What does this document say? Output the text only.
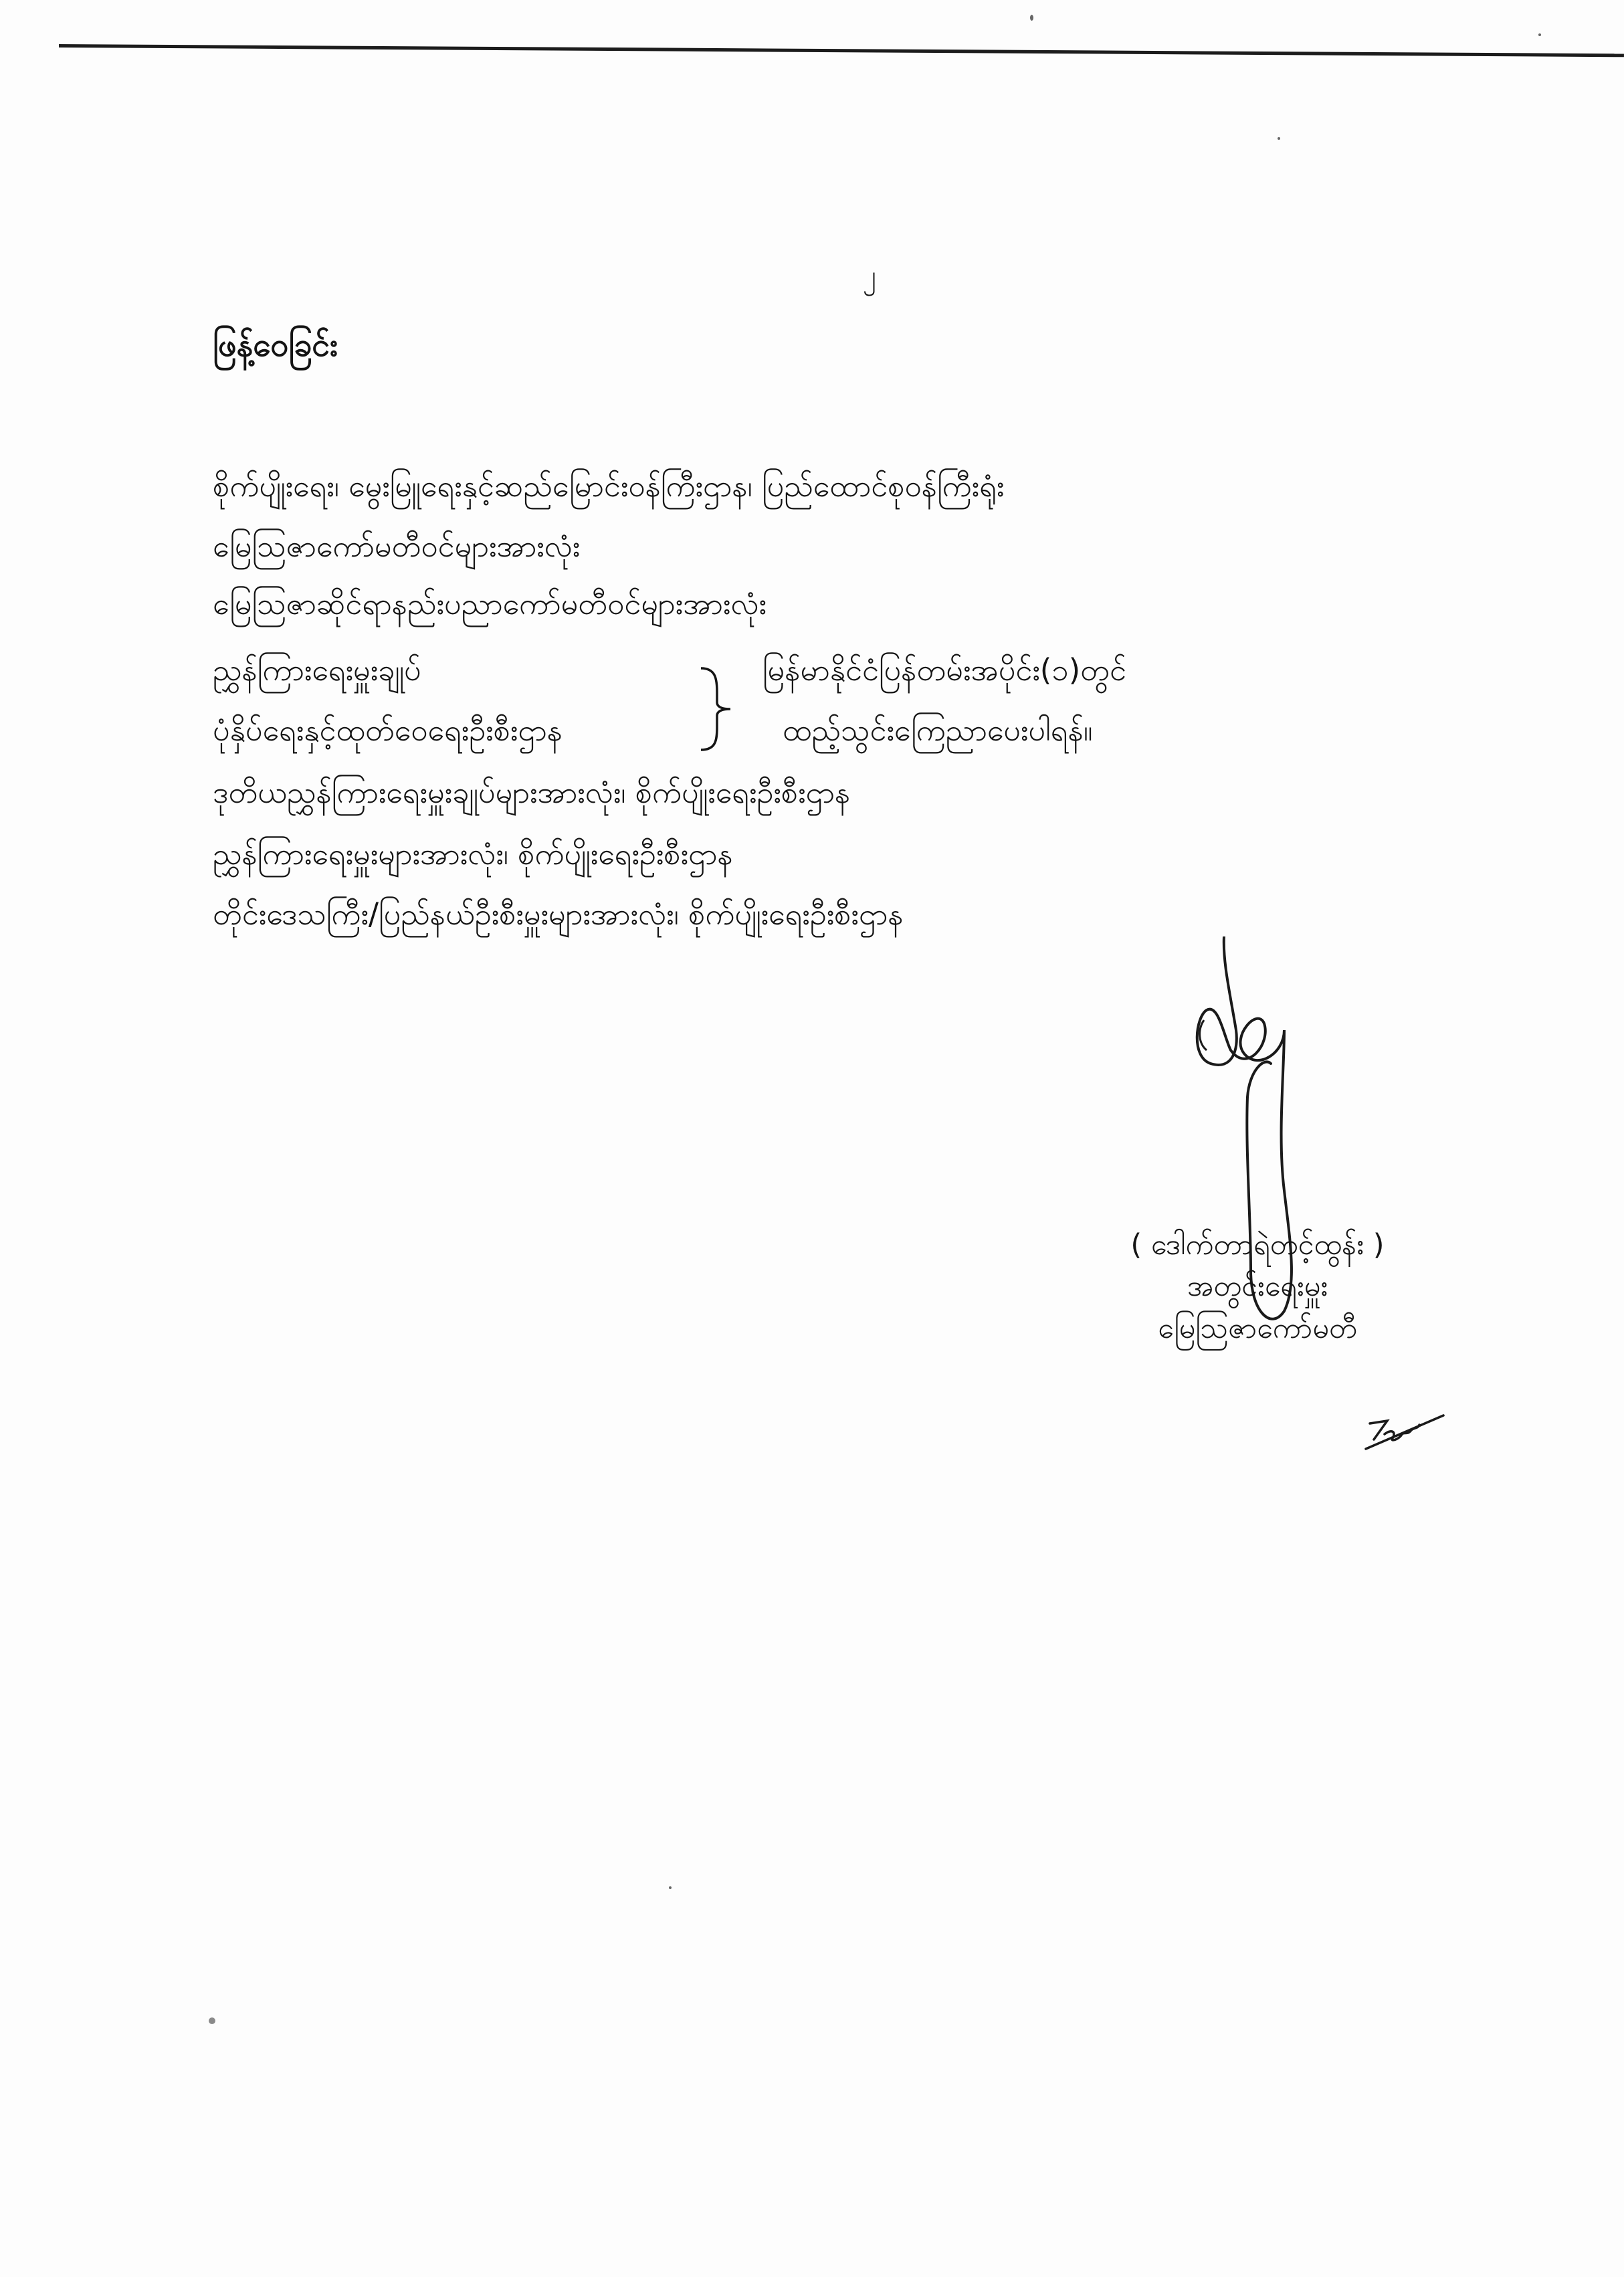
၂
ဖြန့်ဝေခြင်း
စိုက်ပျိုးရေး၊ မွေးမြူရေးနှင့်ဆည်မြောင်းဝန်ကြီးဌာန၊ ပြည်ထောင်စုဝန်ကြီးရုံး
မြေသြဇာကော်မတီဝင်များအားလုံး
မြေသြဇာဆိုင်ရာနည်းပညာကော်မတီဝင်များအားလုံး
ညွှန်ကြားရေးမှူးချုပ်
ပုံနှိပ်ရေးနှင့်ထုတ်ဝေရေးဦးစီးဌာန
မြန်မာနိုင်ငံပြန်တမ်းအပိုင်း(၁)တွင်
ထည့်သွင်းကြေညာပေးပါရန်။
ဒုတိယညွှန်ကြားရေးမှူးချုပ်များအားလုံး၊ စိုက်ပျိုးရေးဦးစီးဌာန
ညွှန်ကြားရေးမှူးများအားလုံး၊ စိုက်ပျိုးရေးဦးစီးဌာန
တိုင်းဒေသကြီး/ပြည်နယ်ဦးစီးမှူးများအားလုံး၊ စိုက်ပျိုးရေးဦးစီးဌာန
( ဒေါက်တာရဲတင့်ထွန်း )
အတွင်းရေးမှူး
မြေသြဇာကော်မတီ
